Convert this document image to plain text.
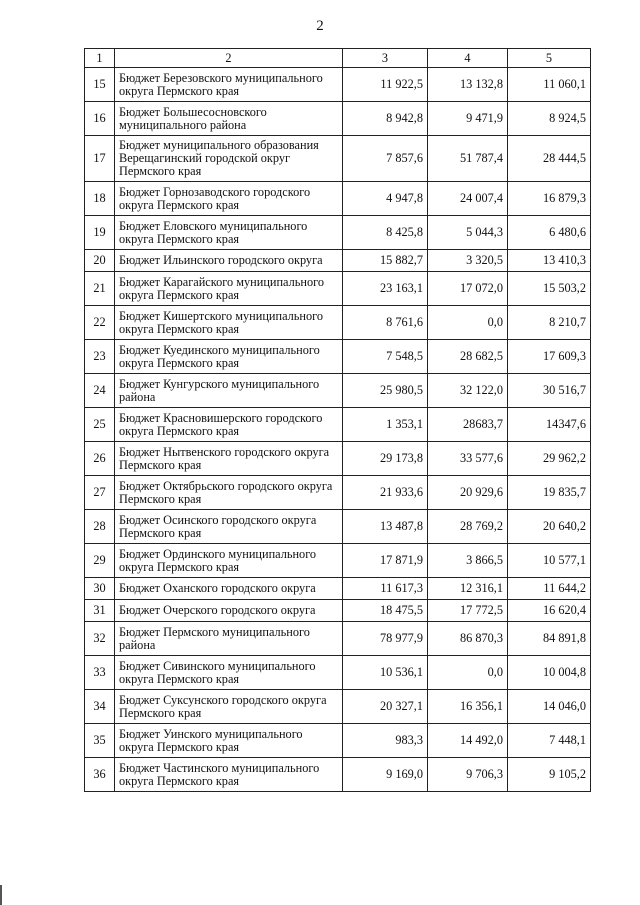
2
1	2	3	4	5
15	Бюджет Березовского муниципального округа Пермского края	11 922,5	13 132,8	11 060,1
16	Бюджет Большесосновского муниципального района	8 942,8	9 471,9	8 924,5
17	Бюджет муниципального образования Верещагинский городской округ Пермского края	7 857,6	51 787,4	28 444,5
18	Бюджет Горнозаводского городского округа Пермского края	4 947,8	24 007,4	16 879,3
19	Бюджет Еловского муниципального округа Пермского края	8 425,8	5 044,3	6 480,6
20	Бюджет Ильинского городского округа	15 882,7	3 320,5	13 410,3
21	Бюджет Карагайского муниципального округа Пермского края	23 163,1	17 072,0	15 503,2
22	Бюджет Кишертского муниципального округа Пермского края	8 761,6	0,0	8 210,7
23	Бюджет Куединского муниципального округа Пермского края	7 548,5	28 682,5	17 609,3
24	Бюджет Кунгурского муниципального района	25 980,5	32 122,0	30 516,7
25	Бюджет Красновишерского городского округа Пермского края	1 353,1	28683,7	14347,6
26	Бюджет Нытвенского городского округа Пермского края	29 173,8	33 577,6	29 962,2
27	Бюджет Октябрьского городского округа Пермского края	21 933,6	20 929,6	19 835,7
28	Бюджет Осинского городского округа Пермского края	13 487,8	28 769,2	20 640,2
29	Бюджет Ординского муниципального округа Пермского края	17 871,9	3 866,5	10 577,1
30	Бюджет Оханского городского округа	11 617,3	12 316,1	11 644,2
31	Бюджет Очерского городского округа	18 475,5	17 772,5	16 620,4
32	Бюджет Пермского муниципального района	78 977,9	86 870,3	84 891,8
33	Бюджет Сивинского муниципального округа Пермского края	10 536,1	0,0	10 004,8
34	Бюджет Суксунского городского округа Пермского края	20 327,1	16 356,1	14 046,0
35	Бюджет Уинского муниципального округа Пермского края	983,3	14 492,0	7 448,1
36	Бюджет Частинского муниципального округа Пермского края	9 169,0	9 706,3	9 105,2
